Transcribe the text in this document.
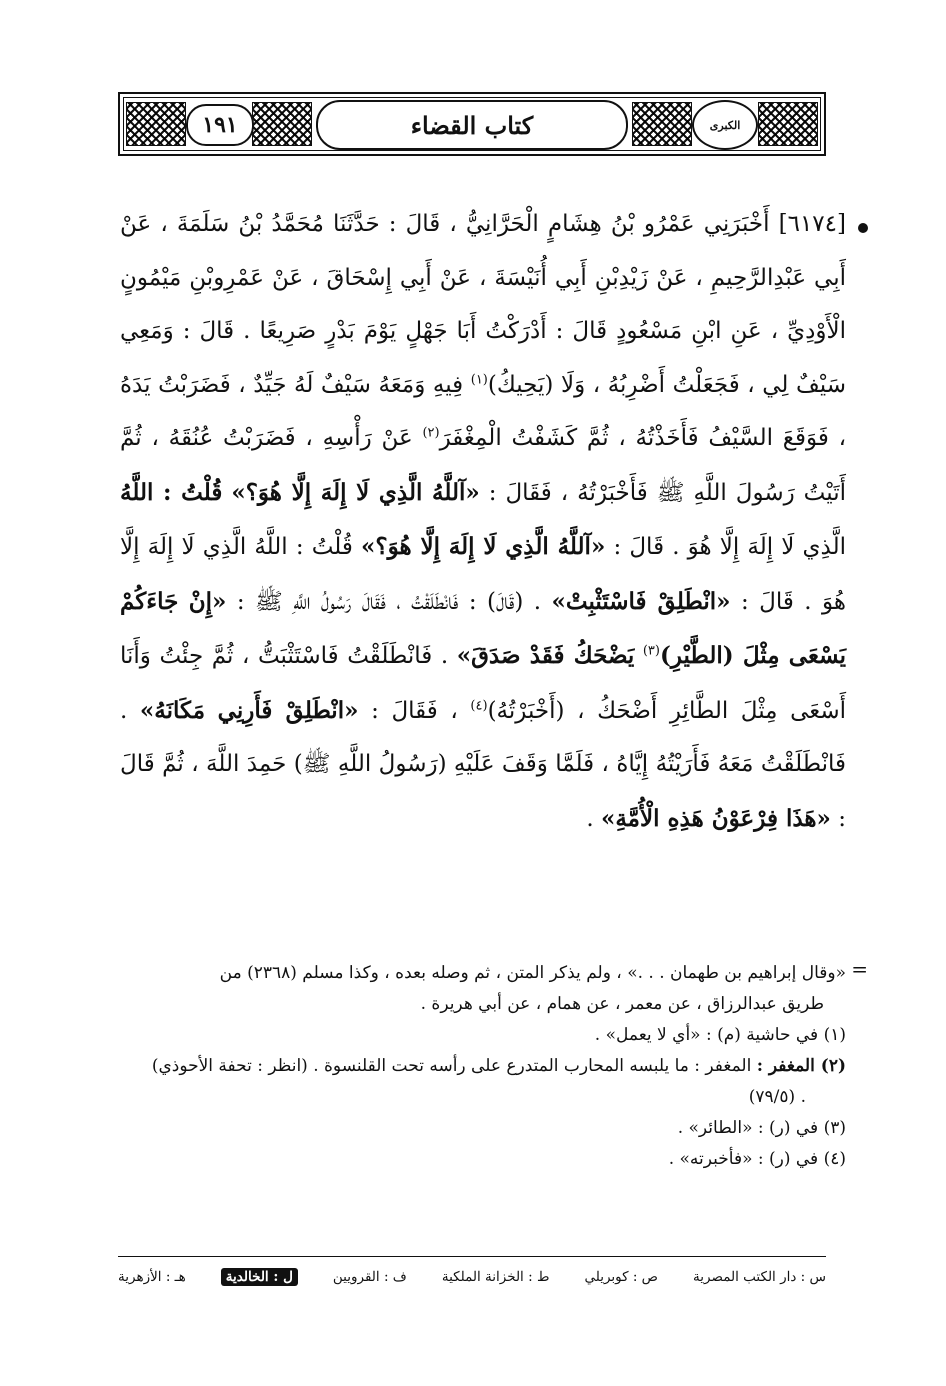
١٩١	الكبرى
كتاب القضاء

[٦١٧٤] أَخْبَرَنِي عَمْرُو بْنُ هِشَامٍ الْحَرَّانِيُّ ، قَالَ : حَدَّثَنَا مُحَمَّدُ بْنُ سَلَمَةَ ، عَنْ أَبِي عَبْدِالرَّحِيمِ ، عَنْ زَيْدِبْنِ أَبِي أُنَيْسَةَ ، عَنْ أَبِي إِسْحَاقَ ، عَنْ عَمْرِوبْنِ مَيْمُونٍ الْأَوْدِيِّ ، عَنِ ابْنِ مَسْعُودٍ قَالَ : أَدْرَكْتُ أَبَا جَهْلٍ يَوْمَ بَدْرٍ صَرِيعًا . قَالَ : وَمَعِي سَيْفٌ لِي ، فَجَعَلْتُ أَضْرِبُهُ ، وَلَا (يَحِيكُ)$^{(١)}$ فِيهِ وَمَعَهُ سَيْفٌ لَهُ جَيِّدٌ ، فَضَرَبْتُ يَدَهُ ، فَوَقَعَ السَّيْفُ فَأَخَذْتُهُ ، ثُمَّ كَشَفْتُ الْمِغْفَرَ$^{(٢)}$ عَنْ رَأْسِهِ ، فَضَرَبْتُ عُنُقَهُ ، ثُمَّ أَتَيْتُ رَسُولَ اللَّهِ ﷺ فَأَخْبَرْتُهُ ، فَقَالَ : «آللَّهُ الَّذِي لَا إِلَهَ إِلَّا هُوَ؟» قُلْتُ : اللَّهُ الَّذِي لَا إِلَهَ إِلَّا هُوَ . قَالَ : «آللَّهُ الَّذِي لَا إِلَهَ إِلَّا هُوَ؟» قُلْتُ : اللَّهُ الَّذِي لَا إِلَهَ إِلَّا هُوَ . قَالَ : «انْطَلِقْ فَاسْتَثْبِتْ» . (قَالَ) : فَانْطَلَقْتُ ، فَقَالَ رَسُولُ اللَّهِ ﷺ : «إِنْ جَاءَكُمْ يَسْعَى مِثْلَ (الطَّيْرِ)$^{(٣)}$ يَضْحَكُ فَقَدْ صَدَقَ» . فَانْطَلَقْتُ فَاسْتَثْبَتُّ ، ثُمَّ جِئْتُ وَأَنَا أَسْعَى مِثْلَ الطَّائِرِ أَضْحَكُ ، (أَخْبَرْتُهُ)$^{(٤)}$ ، فَقَالَ : «انْطَلِقْ فَأَرِنِي مَكَانَهُ» . فَانْطَلَقْتُ مَعَهُ فَأَرَيْتُهُ إِيَّاهُ ، فَلَمَّا وَقَفَ عَلَيْهِ (رَسُولُ اللَّهِ ﷺ) حَمِدَ اللَّهَ ، ثُمَّ قَالَ : «هَذَا فِرْعَوْنُ هَذِهِ الْأُمَّةِ» .

=

«وقال إبراهيم بن طهمان . . .» ، ولم يذكر المتن ، ثم وصله بعده ، وكذا مسلم (٢٣٦٨) من

طريق عبدالرزاق ، عن معمر ، عن همام ، عن أبي هريرة .

(١) في حاشية (م) : «أي لا يعمل» .

(٢) المغفر : المغفر : ما يلبسه المحارب المتدرع على رأسه تحت القلنسوة . (انظر : تحفة الأحوذي)

. (٧٩/٥)

(٣) في (ر) : «الطائر» .

(٤) في (ر) : «فأخبرته» .

س : دار الكتب المصرية
ص : كوبريلي
ط : الخزانة الملكية
ف : القرويين
ل : الخالدية
هـ : الأزهرية
